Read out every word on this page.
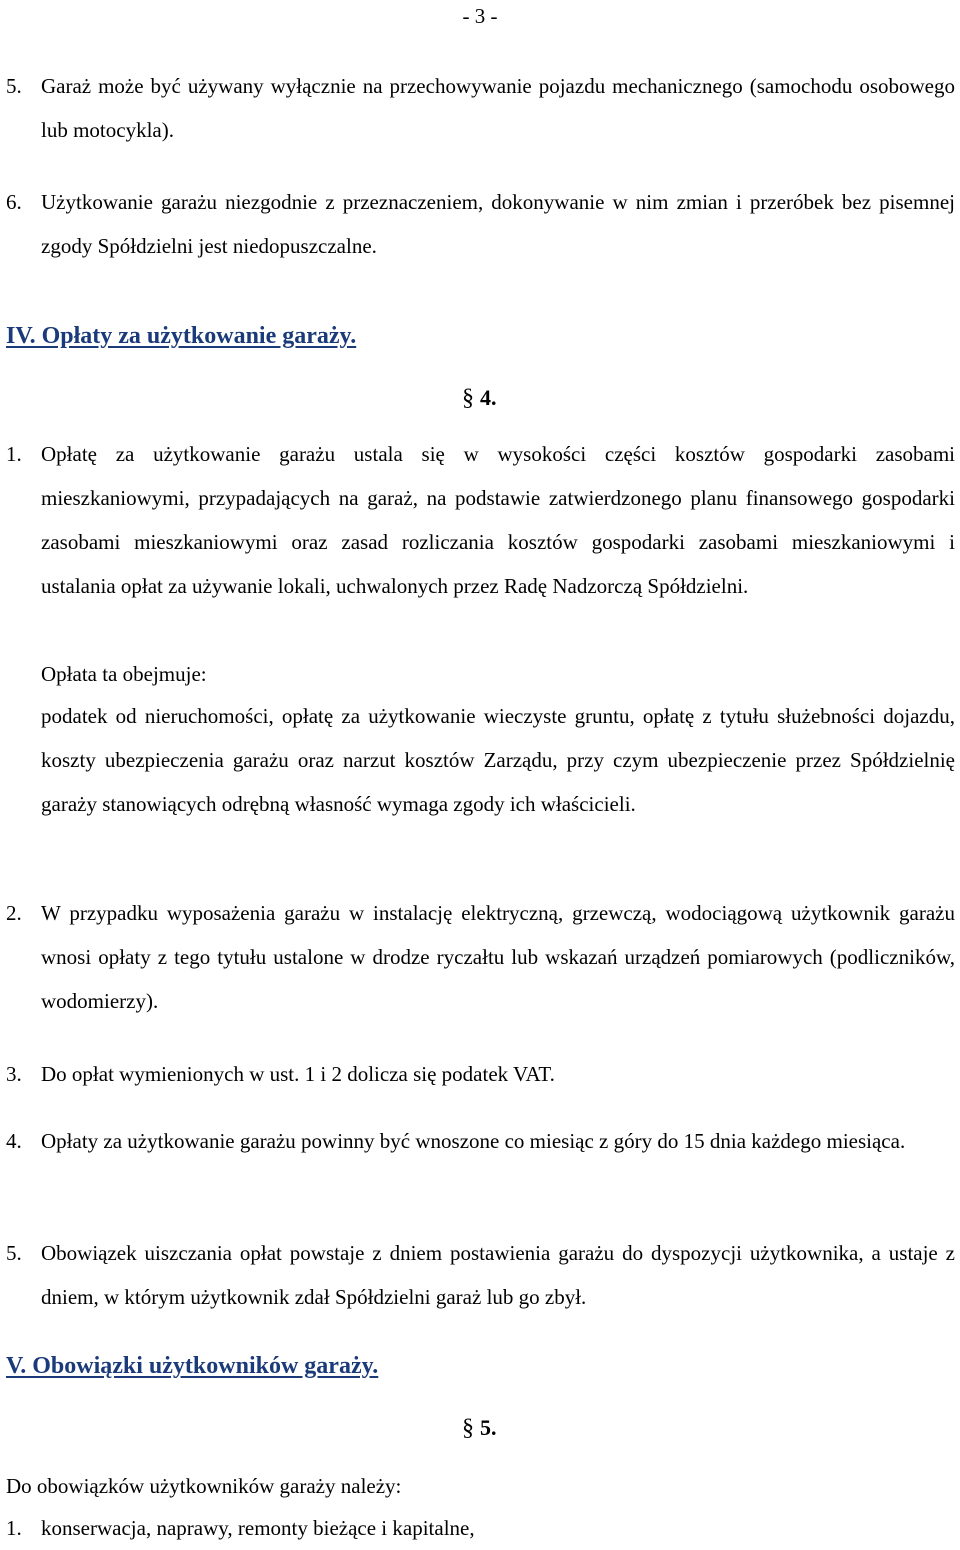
- 3 -
5. Garaż może być używany wyłącznie na przechowywanie pojazdu mechanicznego (samochodu osobowego lub motocykla).
6. Użytkowanie garażu niezgodnie z przeznaczeniem, dokonywanie w nim zmian i przeróbek bez pisemnej zgody Spółdzielni jest niedopuszczalne.
IV. Opłaty za użytkowanie garaży.
§ 4.
1. Opłatę za użytkowanie garażu ustala się w wysokości części kosztów gospodarki zasobami mieszkaniowymi, przypadających na garaż, na podstawie zatwierdzonego planu finansowego gospodarki zasobami mieszkaniowymi oraz zasad rozliczania kosztów gospodarki zasobami mieszkaniowymi i ustalania opłat za używanie lokali, uchwalonych przez Radę Nadzorczą Spółdzielni.
Opłata ta obejmuje:
podatek od nieruchomości, opłatę za użytkowanie wieczyste gruntu, opłatę z tytułu służebności dojazdu, koszty ubezpieczenia garażu oraz narzut kosztów Zarządu, przy czym ubezpieczenie przez Spółdzielnię garaży stanowiących odrębną własność wymaga zgody ich właścicieli.
2. W przypadku wyposażenia garażu w instalację elektryczną, grzewczą, wodociągową użytkownik garażu wnosi opłaty z tego tytułu ustalone w drodze ryczałtu lub wskazań urządzeń pomiarowych (podliczników, wodomierzy).
3. Do opłat wymienionych w ust. 1 i 2 dolicza się podatek VAT.
4. Opłaty za użytkowanie garażu powinny być wnoszone co miesiąc z góry do 15 dnia każdego miesiąca.
5. Obowiązek uiszczania opłat powstaje z dniem postawienia garażu do dyspozycji użytkownika, a ustaje z dniem, w którym użytkownik zdał Spółdzielni garaż lub go zbył.
V. Obowiązki użytkowników garaży.
§ 5.
Do obowiązków użytkowników garaży należy:
1. konserwacja, naprawy, remonty bieżące i kapitalne,
